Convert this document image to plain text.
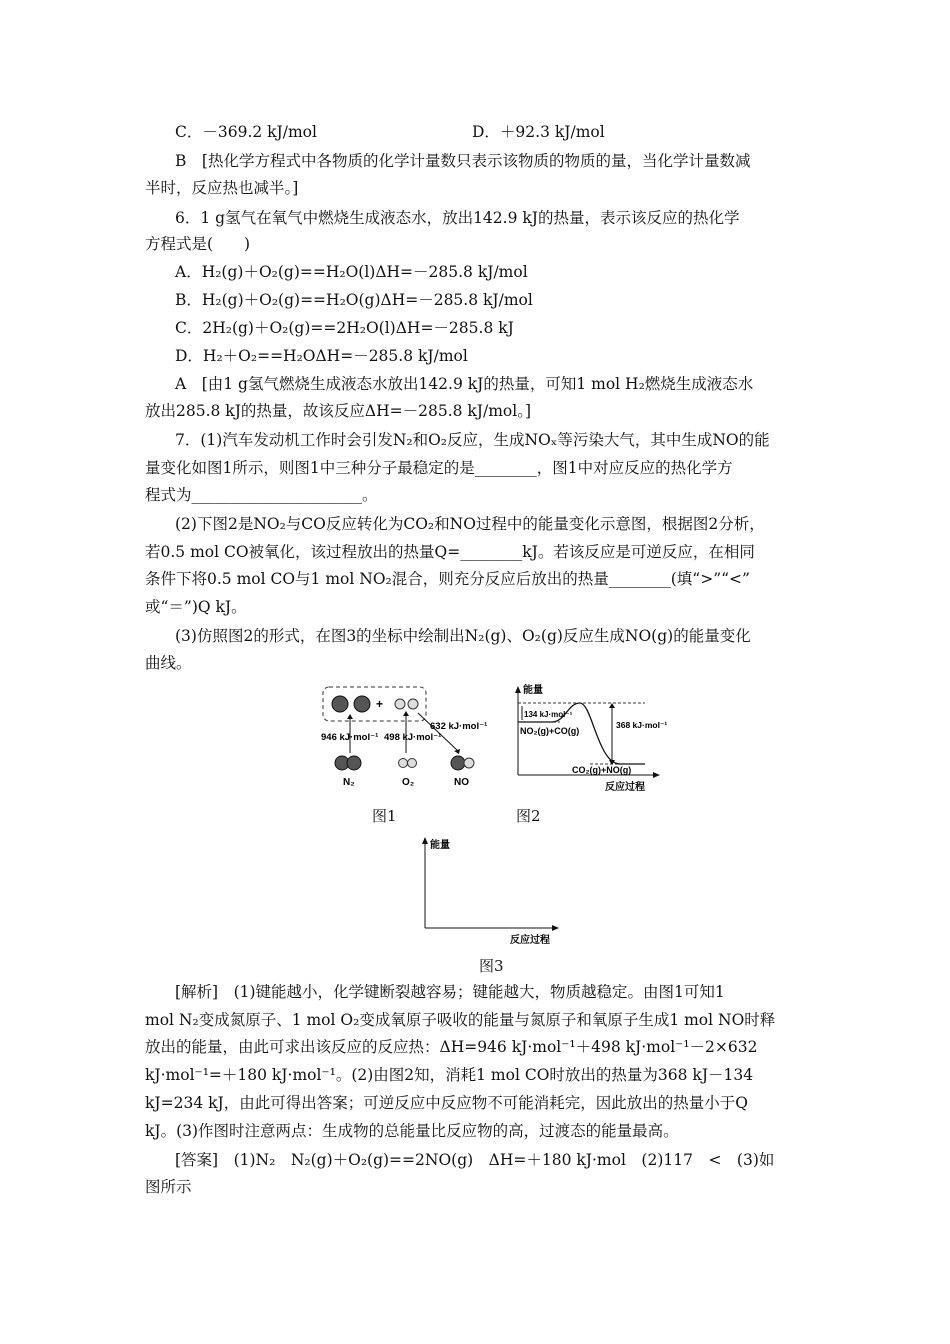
C．－369.2 kJ/mol	D．＋92.3 kJ/mol
B　[热化学方程式中各物质的化学计量数只表示该物质的物质的量，当化学计量数减
半时，反应热也减半。]
6．1 g氢气在氧气中燃烧生成液态水，放出142.9 kJ的热量，表示该反应的热化学
方程式是(　　)
A．H₂(g)＋O₂(g)==H₂O(l)ΔH=－285.8 kJ/mol
B．H₂(g)＋O₂(g)==H₂O(g)ΔH=－285.8 kJ/mol
C．2H₂(g)＋O₂(g)==2H₂O(l)ΔH=－285.8 kJ
D．H₂＋O₂==H₂OΔH=－285.8 kJ/mol
A　[由1 g氢气燃烧生成液态水放出142.9 kJ的热量，可知1 mol H₂燃烧生成液态水
放出285.8 kJ的热量，故该反应ΔH=－285.8 kJ/mol。]
7．(1)汽车发动机工作时会引发N₂和O₂反应，生成NOₓ等污染大气，其中生成NO的能
量变化如图1所示，则图1中三种分子最稳定的是________，图1中对应反应的热化学方
程式为______________________。
(2)下图2是NO₂与CO反应转化为CO₂和NO过程中的能量变化示意图，根据图2分析，
若0.5 mol CO被氧化，该过程放出的热量Q=________kJ。若该反应是可逆反应，在相同
条件下将0.5 mol CO与1 mol NO₂混合，则充分反应后放出的热量________(填“>”“<”
或“＝”)Q kJ。
(3)仿照图2的形式，在图3的坐标中绘制出N₂(g)、O₂(g)反应生成NO(g)的能量变化
曲线。
+
946 kJ·mol⁻¹ 498 kJ·mol⁻¹
632 kJ·mol⁻¹
N₂	O₂	NO
图1
能量
反应过程
134 kJ·mol⁻¹
368 kJ·mol⁻¹
NO₂(g)+CO(g)
CO₂(g)+NO(g)
图2
能量
反应过程
图3
[解析]　(1)键能越小，化学键断裂越容易；键能越大，物质越稳定。由图1可知1
mol N₂变成氮原子、1 mol O₂变成氧原子吸收的能量与氮原子和氧原子生成1 mol NO时释
放出的能量，由此可求出该反应的反应热：ΔH=946 kJ·mol⁻¹＋498 kJ·mol⁻¹－2×632
kJ·mol⁻¹=＋180 kJ·mol⁻¹。(2)由图2知，消耗1 mol CO时放出的热量为368 kJ－134
kJ=234 kJ，由此可得出答案；可逆反应中反应物不可能消耗完，因此放出的热量小于Q
kJ。(3)作图时注意两点：生成物的总能量比反应物的高，过渡态的能量最高。
[答案]　(1)N₂　N₂(g)＋O₂(g)==2NO(g)　ΔH=＋180 kJ·mol　(2)117　<　(3)如
图所示
